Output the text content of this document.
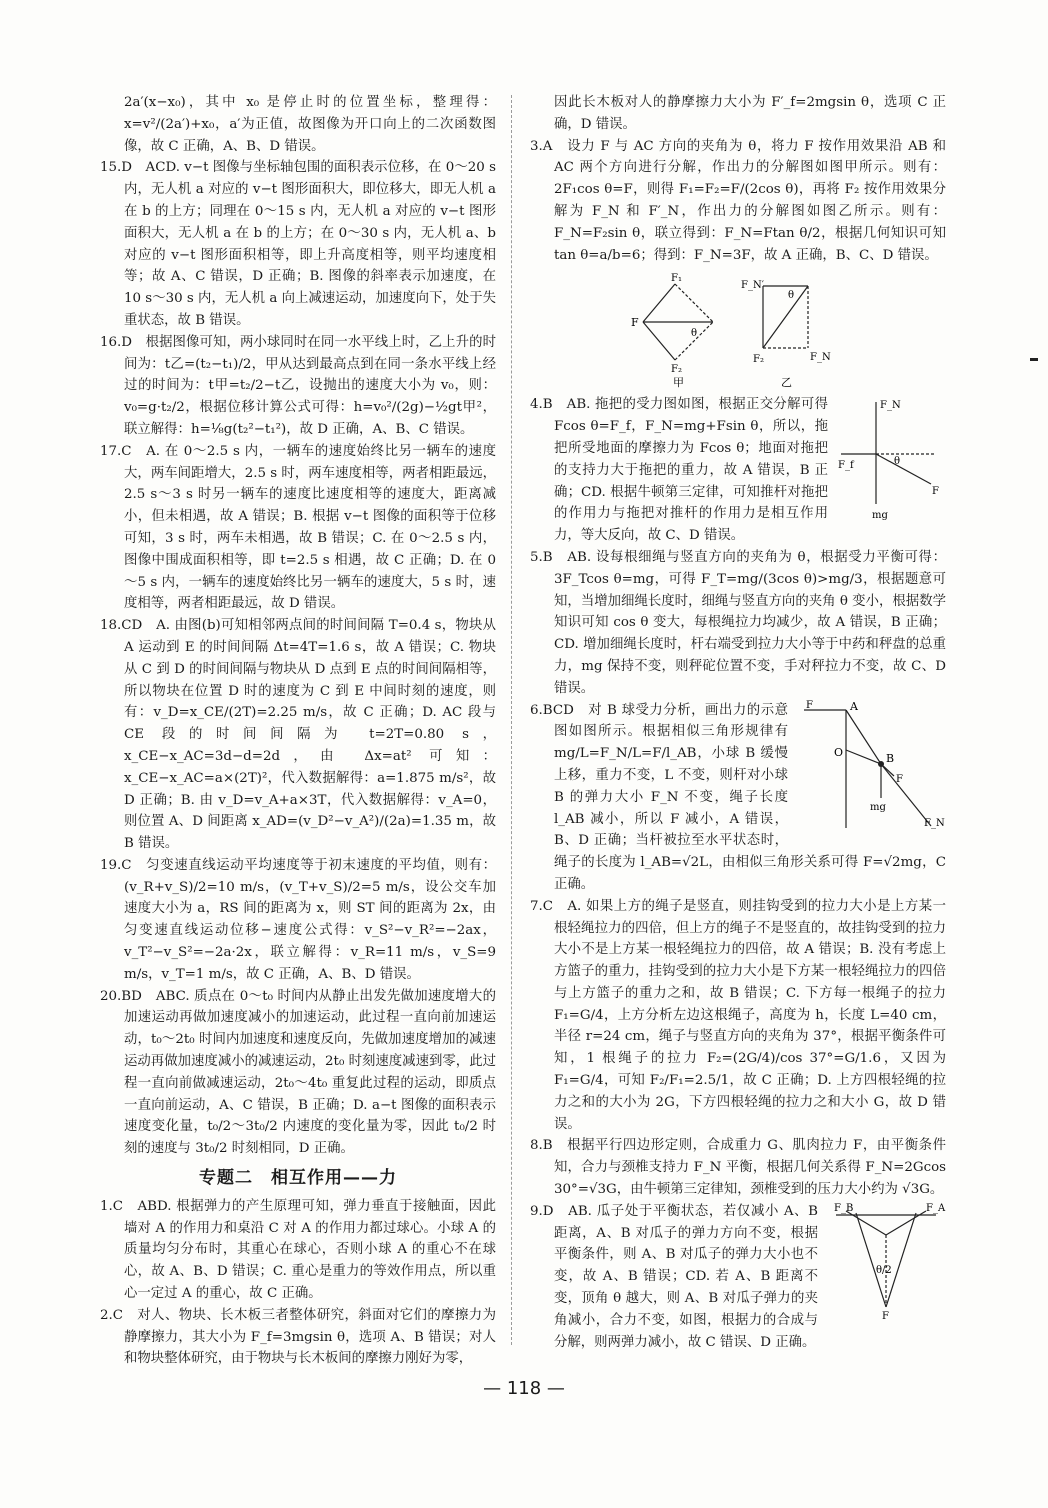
2a′(x−x₀)，其中 x₀ 是停止时的位置坐标，整理得：x=v²/(2a′)+x₀，a′为正值，故图像为开口向上的二次函数图像，故 C 正确，A、B、D 错误。

15.D　ACD. v−t 图像与坐标轴包围的面积表示位移，在 0～20 s 内，无人机 a 对应的 v−t 图形面积大，即位移大，即无人机 a 在 b 的上方；同理在 0～15 s 内，无人机 a 对应的 v−t 图形面积大，无人机 a 在 b 的上方；在 0～30 s 内，无人机 a、b 对应的 v−t 图形面积相等，即上升高度相等，则平均速度相等；故 A、C 错误，D 正确；B. 图像的斜率表示加速度，在 10 s～30 s 内，无人机 a 向上减速运动，加速度向下，处于失重状态，故 B 错误。

16.D　根据图像可知，两小球同时在同一水平线上时，乙上升的时间为：t乙=(t₂−t₁)/2，甲从达到最高点到在同一条水平线上经过的时间为：t甲=t₂/2−t乙，设抛出的速度大小为 v₀，则：v₀=g·t₂/2，根据位移计算公式可得：h=v₀²/(2g)−½gt甲²，联立解得：h=⅛g(t₂²−t₁²)，故 D 正确，A、B、C 错误。

17.C　A. 在 0～2.5 s 内，一辆车的速度始终比另一辆车的速度大，两车间距增大，2.5 s 时，两车速度相等，两者相距最远，2.5 s～3 s 时另一辆车的速度比速度相等的速度大，距离减小，但未相遇，故 A 错误；B. 根据 v−t 图像的面积等于位移可知，3 s 时，两车未相遇，故 B 错误；C. 在 0～2.5 s 内，图像中围成面积相等，即 t=2.5 s 相遇，故 C 正确；D. 在 0～5 s 内，一辆车的速度始终比另一辆车的速度大，5 s 时，速度相等，两者相距最远，故 D 错误。

18.CD　A. 由图(b)可知相邻两点间的时间间隔 T=0.4 s，物块从 A 运动到 E 的时间间隔 Δt=4T=1.6 s，故 A 错误；C. 物块从 C 到 D 的时间间隔与物块从 D 点到 E 点的时间间隔相等，所以物块在位置 D 时的速度为 C 到 E 中间时刻的速度，则有：v_D=x_CE/(2T)=2.25 m/s，故 C 正确；D. AC 段与 CE 段的时间间隔为 t=2T=0.80 s，x_CE−x_AC=3d−d=2d，由 Δx=at² 可知：x_CE−x_AC=a×(2T)²，代入数据解得：a=1.875 m/s²，故 D 正确；B. 由 v_D=v_A+a×3T，代入数据解得：v_A=0，则位置 A、D 间距离 x_AD=(v_D²−v_A²)/(2a)=1.35 m，故 B 错误。

19.C　匀变速直线运动平均速度等于初末速度的平均值，则有：(v_R+v_S)/2=10 m/s，(v_T+v_S)/2=5 m/s，设公交车加速度大小为 a，RS 间的距离为 x，则 ST 间的距离为 2x，由匀变速直线运动位移−速度公式得：v_S²−v_R²=−2ax，v_T²−v_S²=−2a·2x，联立解得：v_R=11 m/s，v_S=9 m/s，v_T=1 m/s，故 C 正确，A、B、D 错误。

20.BD　ABC. 质点在 0～t₀ 时间内从静止出发先做加速度增大的加速运动再做加速度减小的加速运动，此过程一直向前加速运动，t₀～2t₀ 时间内加速度和速度反向，先做加速度增加的减速运动再做加速度减小的减速运动，2t₀ 时刻速度减速到零，此过程一直向前做减速运动，2t₀～4t₀ 重复此过程的运动，即质点一直向前运动，A、C 错误，B 正确；D. a−t 图像的面积表示速度变化量，t₀/2～3t₀/2 内速度的变化量为零，因此 t₀/2 时刻的速度与 3t₀/2 时刻相同，D 正确。

专题二　相互作用——力

1.C　ABD. 根据弹力的产生原理可知，弹力垂直于接触面，因此墙对 A 的作用力和桌沿 C 对 A 的作用力都过球心。小球 A 的质量均匀分布时，其重心在球心，否则小球 A 的重心不在球心，故 A、B、D 错误；C. 重心是重力的等效作用点，所以重心一定过 A 的重心，故 C 正确。

2.C　对人、物块、长木板三者整体研究，斜面对它们的摩擦力为静摩擦力，其大小为 F_f=3mgsin θ，选项 A、B 错误；对人和物块整体研究，由于物块与长木板间的摩擦力刚好为零，

因此长木板对人的静摩擦力大小为 F′_f=2mgsin θ，选项 C 正确，D 错误。

3.A　设力 F 与 AC 方向的夹角为 θ，将力 F 按作用效果沿 AB 和 AC 两个方向进行分解，作出力的分解图如图甲所示。则有：2F₁cos θ=F，则得 F₁=F₂=F/(2cos θ)，再将 F₂ 按作用效果分解为 F_N 和 F′_N，作出力的分解图如图乙所示。则有：F_N=F₂sin θ，联立得到：F_N=Ftan θ/2，根据几何知识可知 tan θ=a/b=6；得到：F_N=3F，故 A 正确，B、C、D 错误。

F₁
F
F₂
θ
F_N′
θ
F₂	F_N
甲	乙
F_N
F_f	θ
F
mg

4.B　AB. 拖把的受力图如图，根据正交分解可得 Fcos θ=F_f，F_N=mg+Fsin θ，所以，拖把所受地面的摩擦力为 Fcos θ；地面对拖把的支持力大于拖把的重力，故 A 错误，B 正确；CD. 根据牛顿第三定律，可知推杆对拖把的作用力与拖把对推杆的作用力是相互作用力，等大反向，故 C、D 错误。

5.B　AB. 设每根细绳与竖直方向的夹角为 θ，根据受力平衡可得：3F_Tcos θ=mg，可得 F_T=mg/(3cos θ)>mg/3，根据题意可知，当增加细绳长度时，细绳与竖直方向的夹角 θ 变小，根据数学知识可知 cos θ 变大，每根绳拉力均减少，故 A 错误，B 正确；CD. 增加细绳长度时，杆右端受到拉力大小等于中药和秤盘的总重力，mg 保持不变，则秤砣位置不变，手对秤拉力不变，故 C、D 错误。

F	A
O	B
F
mg
F_N

6.BCD　对 B 球受力分析，画出力的示意图如图所示。根据相似三角形规律有 mg/L=F_N/L=F/l_AB，小球 B 缓慢上移，重力不变，L 不变，则杆对小球 B 的弹力大小 F_N 不变，绳子长度 l_AB 减小，所以 F 减小，A 错误，B、D 正确；当杆被拉至水平状态时，绳子的长度为 l_AB=√2L，由相似三角形关系可得 F=√2mg，C 正确。

7.C　A. 如果上方的绳子是竖直，则挂钩受到的拉力大小是上方某一根轻绳拉力的四倍，但上方的绳子不是竖直的，故挂钩受到的拉力大小不是上方某一根轻绳拉力的四倍，故 A 错误；B. 没有考虑上方篮子的重力，挂钩受到的拉力大小是下方某一根轻绳拉力的四倍与上方篮子的重力之和，故 B 错误；C. 下方每一根绳子的拉力 F₁=G/4，上方分析左边这根绳子，高度为 h，长度 L=40 cm，半径 r=24 cm，绳子与竖直方向的夹角为 37°，根据平衡条件可知，1 根绳子的拉力 F₂=(2G/4)/cos 37°=G/1.6，又因为 F₁=G/4，可知 F₂/F₁=2.5/1，故 C 正确；D. 上方四根轻绳的拉力之和的大小为 2G，下方四根轻绳的拉力之和大小 G，故 D 错误。

8.B　根据平行四边形定则，合成重力 G、肌肉拉力 F，由平衡条件知，合力与颈椎支持力 F_N 平衡，根据几何关系得 F_N=2Gcos 30°=√3G，由牛顿第三定律知，颈椎受到的压力大小约为 √3G。

F_B	F_A
θ/2
F

9.D　AB. 瓜子处于平衡状态，若仅减小 A、B 距离，A、B 对瓜子的弹力方向不变，根据平衡条件，则 A、B 对瓜子的弹力大小也不变，故 A、B 错误；CD. 若 A、B 距离不变，顶角 θ 越大，则 A、B 对瓜子弹力的夹角减小，合力不变，如图，根据力的合成与分解，则两弹力减小，故 C 错误、D 正确。

— 118 —
